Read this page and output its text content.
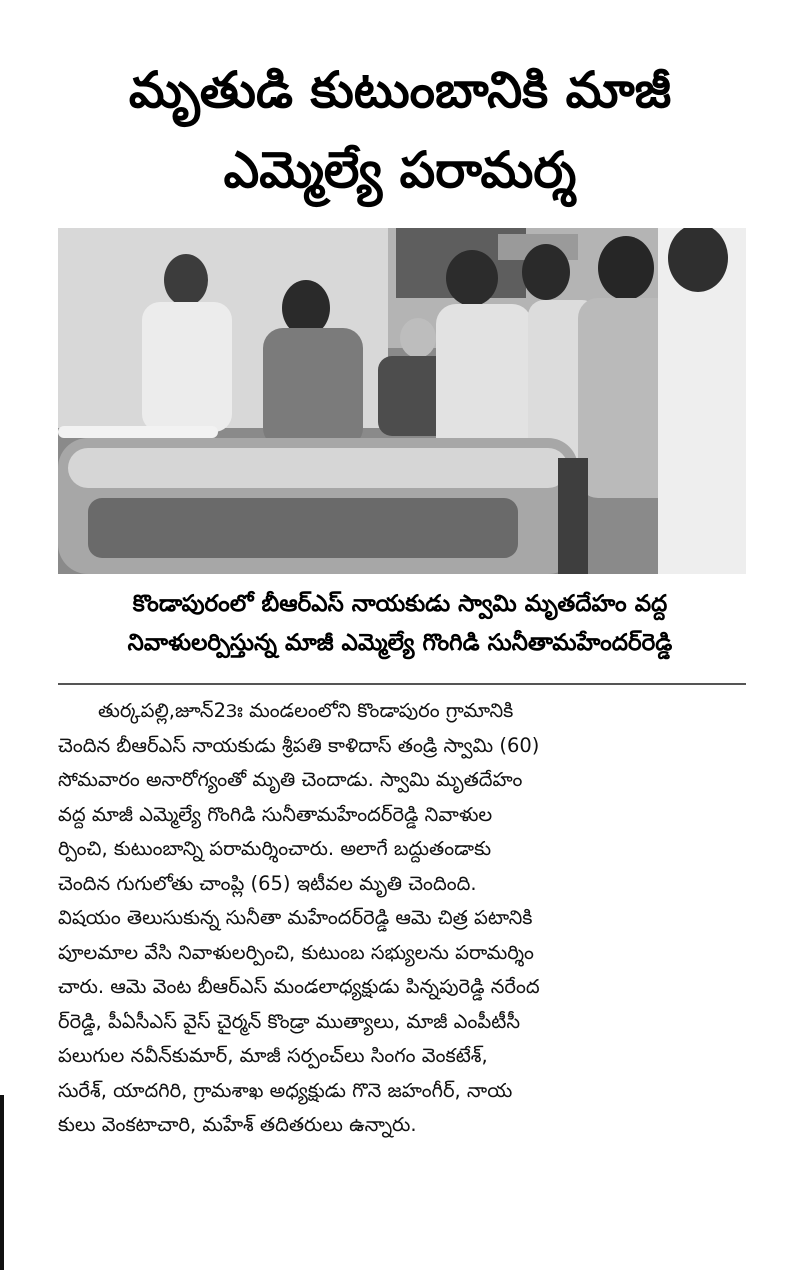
మృతుడి కుటుంబానికి మాజీ
ఎమ్మెల్యే పరామర్శ
కొండాపురంలో బీఆర్ఎస్ నాయకుడు స్వామి మృతదేహం వద్ద
నివాళులర్పిస్తున్న మాజీ ఎమ్మెల్యే గొంగిడి సునీతామహేందర్‌రెడ్డి
తుర్కపల్లి,జూన్23ః మండలంలోని కొండాపురం గ్రామానికి
చెందిన బీఆర్ఎస్ నాయకుడు శ్రీపతి కాళిదాస్ తండ్రి స్వామి (60)
సోమవారం అనారోగ్యంతో మృతి చెందాడు. స్వామి మృతదేహం
వద్ద మాజీ ఎమ్మెల్యే గొంగిడి సునీతామహేందర్‌రెడ్డి నివాళుల
ర్పించి, కుటుంబాన్ని పరామర్శించారు. అలాగే బద్దుతండాకు
చెందిన గుగులోతు చాంప్లి (65) ఇటీవల మృతి చెందింది.
విషయం తెలుసుకున్న సునీతా మహేందర్‌రెడ్డి ఆమె చిత్ర పటానికి
పూలమాల వేసి నివాళులర్పించి, కుటుంబ సభ్యులను పరామర్శిం
చారు. ఆమె వెంట బీఆర్ఎస్ మండలాధ్యక్షుడు పిన్నపురెడ్డి నరేంద
ర్‌రెడ్డి, పీఏసీఎస్ వైస్ చైర్మన్ కొండ్రా ముత్యాలు, మాజీ ఎంపీటీసీ
పలుగుల నవీన్‌కుమార్, మాజీ సర్పంచ్‌లు సింగం వెంకటేశ్,
సురేశ్, యాదగిరి, గ్రామశాఖ అధ్యక్షుడు గొనె జహంగీర్, నాయ
కులు వెంకటాచారి, మహేశ్ తదితరులు ఉన్నారు.
